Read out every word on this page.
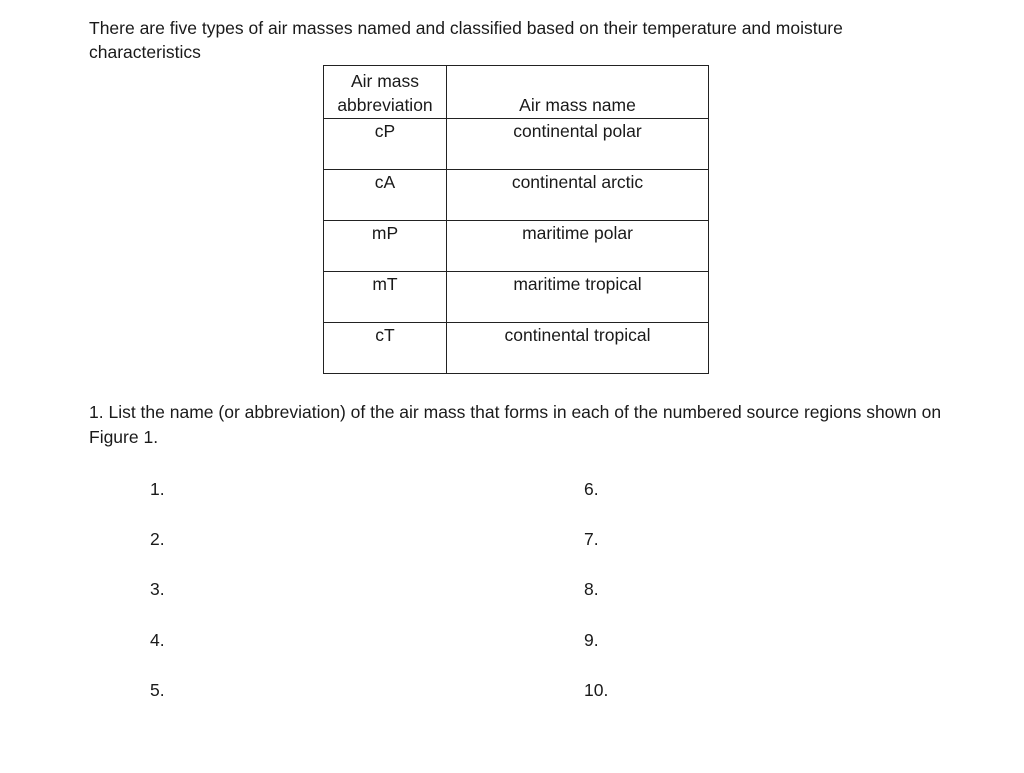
There are five types of air masses named and classified based on their temperature and moisture characteristics
Air mass
abbreviation	Air mass name
cP	continental polar
cA	continental arctic
mP	maritime polar
mT	maritime tropical
cT	continental tropical
1. List the name (or abbreviation) of the air mass that forms in each of the numbered source regions shown on Figure 1.
1.
2.
3.
4.
5.
6.
7.
8.
9.
10.
